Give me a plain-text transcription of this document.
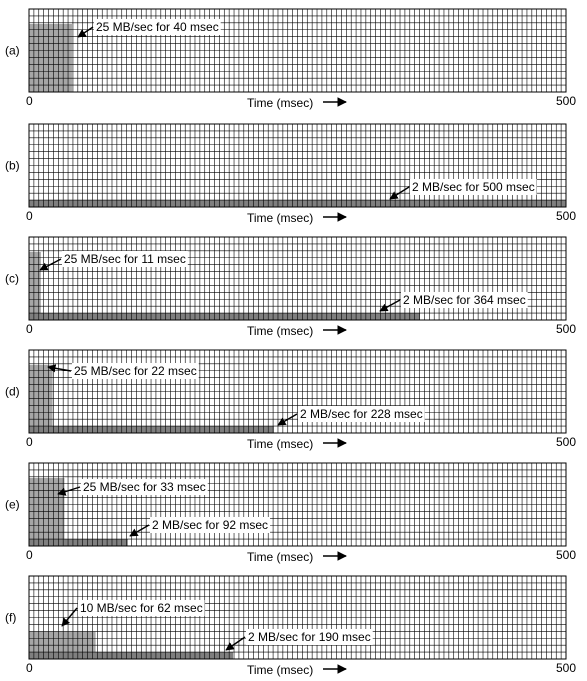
(a)
0	500
Time (msec)
25 MB/sec for 40 msec
(b)
0	500
Time (msec)
2 MB/sec for 500 msec
(c)
0	500
Time (msec)
25 MB/sec for 11 msec
2 MB/sec for 364 msec
(d)
0	500
Time (msec)
25 MB/sec for 22 msec
2 MB/sec for 228 msec
(e)
0	500
Time (msec)
25 MB/sec for 33 msec
2 MB/sec for 92 msec
(f)
0	500
Time (msec)
10 MB/sec for 62 msec
2 MB/sec for 190 msec
